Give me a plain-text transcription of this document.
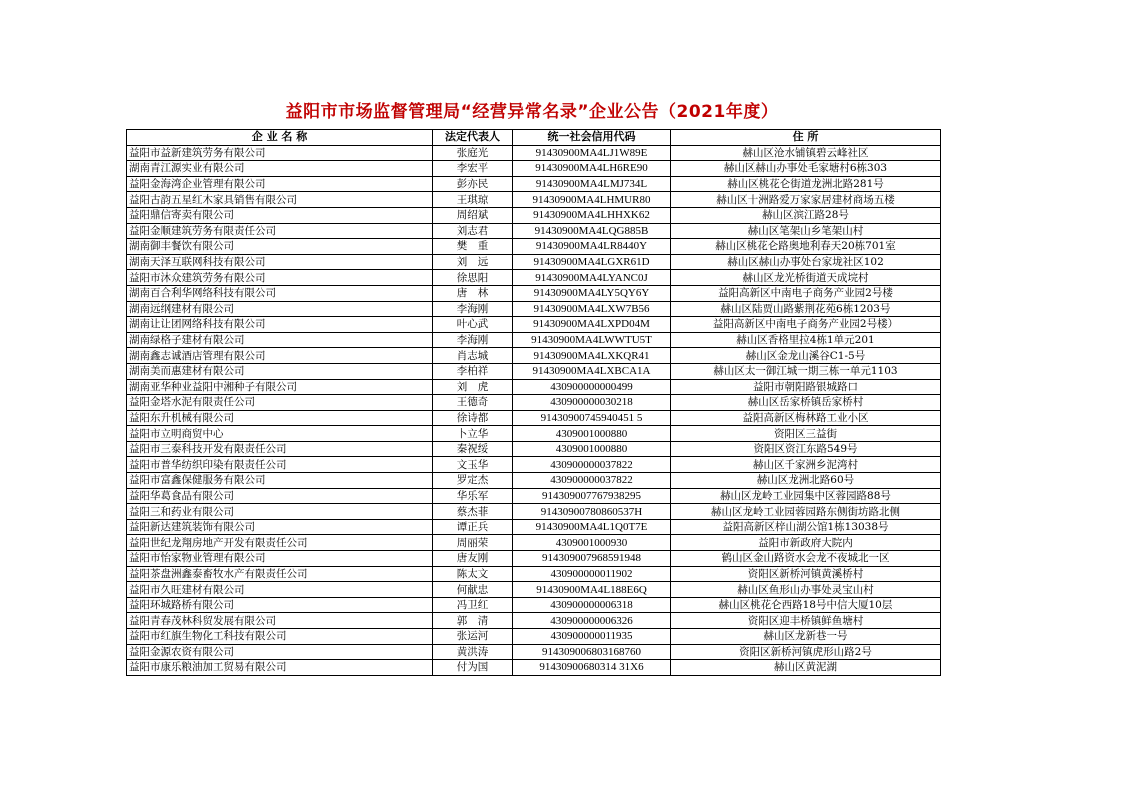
益阳市市场监督管理局“经营异常名录”企业公告（2021年度）
企 业 名 称	法定代表人	统一社会信用代码	住 所
益阳市益新建筑劳务有限公司	张庭光	91430900MA4LJ1W89E	赫山区沧水铺镇碧云峰社区
湖南青江源实业有限公司	李宏平	91430900MA4LH6RE90	赫山区赫山办事处毛家塘村6栋303
益阳金海湾企业管理有限公司	彭亦民	91430900MA4LMJ734L	赫山区桃花仑街道龙洲北路281号
益阳古韵五星红木家具销售有限公司	王琪琼	91430900MA4LHMUR80	赫山区十洲路爱万家家居建材商场五楼
益阳鼎信寄卖有限公司	周绍斌	91430900MA4LHHXK62	赫山区滨江路28号
益阳金顺建筑劳务有限责任公司	刘志君	91430900MA4LQG885B	赫山区笔架山乡笔架山村
湖南御丰餐饮有限公司	樊　重	91430900MA4LR8440Y	赫山区桃花仑路奥地利春天20栋701室
湖南天泽互联网科技有限公司	刘　远	91430900MA4LGXR61D	赫山区赫山办事处台家垅社区102
益阳市沐众建筑劳务有限公司	徐思阳	91430900MA4LYANC0J	赫山区龙光桥街道天成垸村
湖南百合利华网络科技有限公司	唐　林	91430900MA4LY5QY6Y	益阳高新区中南电子商务产业园2号楼
湖南远纲建材有限公司	李海刚	91430900MA4LXW7B56	赫山区陆贾山路紫荆花苑6栋1203号
湖南让让团网络科技有限公司	叶心武	91430900MA4LXPD04M	益阳高新区中南电子商务产业园2号楼）
湖南绿格子建材有限公司	李海刚	91430900MA4LWWTU5T	赫山区香格里拉4栋1单元201
湖南鑫志诚酒店管理有限公司	肖志城	91430900MA4LXKQR41	赫山区金龙山溪谷C1-5号
湖南美而惠建材有限公司	李柏祥	91430900MA4LXBCA1A	赫山区太一御江城一期三栋一单元1103
湖南亚华种业益阳中湘种子有限公司	刘　虎	430900000000499	益阳市朝阳路银城路口
益阳金塔水泥有限责任公司	王德奇	430900000030218	赫山区岳家桥镇岳家桥村
益阳东升机械有限公司	徐诗都	91430900745940451 5	益阳高新区梅林路工业小区
益阳市立明商贸中心	卜立华	4309001000880	资阳区三益街
益阳市三泰科技开发有限责任公司	秦祝绥	4309001000880	资阳区资江东路549号
益阳市普华纺织印染有限责任公司	文玉华	430900000037822	赫山区千家洲乡泥湾村
益阳市富鑫保健服务有限公司	罗定杰	430900000037822	赫山区龙洲北路60号
益阳华葛食品有限公司	华乐军	914309007767938295	赫山区龙岭工业园集中区蓉园路88号
益阳三和药业有限公司	蔡杰菲	91430900780860537H	赫山区龙岭工业园蓉园路东侧街坊路北侧
益阳新达建筑装饰有限公司	谭正兵	91430900MA4L1Q0T7E	益阳高新区梓山湖公馆1栋13038号
益阳世纪龙翔房地产开发有限责任公司	周丽荣	4309001000930	益阳市新政府大院内
益阳市怡家物业管理有限公司	唐友刚	914309007968591948	鹤山区金山路资水会龙不夜城北一区
益阳茶盘洲鑫泰畜牧水产有限责任公司	陈太文	430900000011902	资阳区新桥河镇黄溪桥村
益阳市久旺建材有限公司	何献忠	91430900MA4L188E6Q	赫山区鱼形山办事处灵宝山村
益阳环城路桥有限公司	冯卫红	430900000006318	赫山区桃花仑西路18号中信大厦10层
益阳青春茂林科贸发展有限公司	郭　清	430900000006326	资阳区迎丰桥镇鲜鱼塘村
益阳市红旗生物化工科技有限公司	张运河	430900000011935	赫山区龙新巷一号
益阳金源农资有限公司	黄洪涛	914309006803168760	资阳区新桥河镇虎形山路2号
益阳市康乐粮油加工贸易有限公司	付为国	91430900680314 31X6	赫山区黄泥湖
